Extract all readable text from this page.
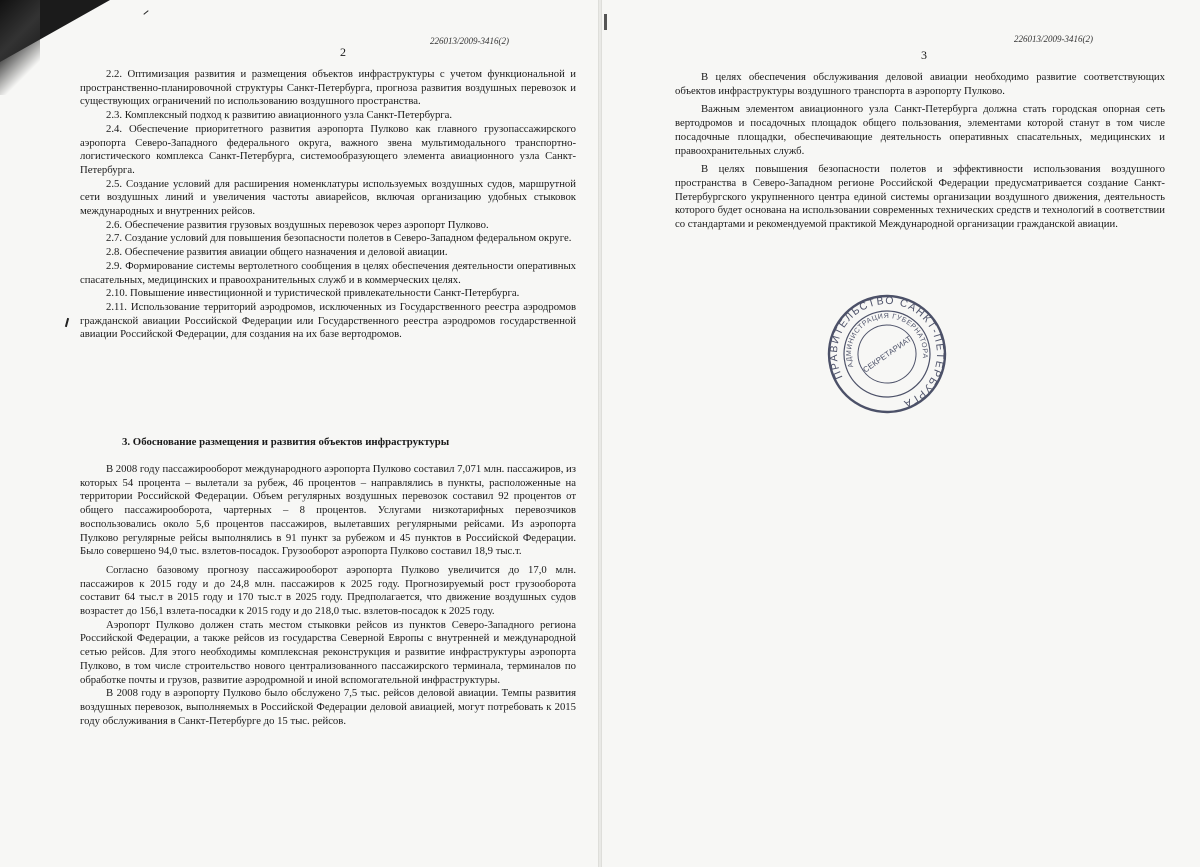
226013/2009-3416(2)
2

2.2. Оптимизация развития и размещения объектов инфраструктуры с учетом функциональной и пространственно-планировочной структуры Санкт-Петербурга, прогноза развития воздушных перевозок и существующих ограничений по использованию воздушного пространства.

2.3. Комплексный подход к развитию авиационного узла Санкт-Петербурга.

2.4. Обеспечение приоритетного развития аэропорта Пулково как главного грузопассажирского аэропорта Северо-Западного федерального округа, важного звена мультимодального транспортно-логистического комплекса Санкт-Петербурга, системообразующего элемента авиационного узла Санкт-Петербурга.

2.5. Создание условий для расширения номенклатуры используемых воздушных судов, маршрутной сети воздушных линий и увеличения частоты авиарейсов, включая организацию удобных стыковок международных и внутренних рейсов.

2.6. Обеспечение развития грузовых воздушных перевозок через аэропорт Пулково.

2.7. Создание условий для повышения безопасности полетов в Северо-Западном федеральном округе.

2.8. Обеспечение развития авиации общего назначения и деловой авиации.

2.9. Формирование системы вертолетного сообщения в целях обеспечения деятельности оперативных спасательных, медицинских и правоохранительных служб и в коммерческих целях.

2.10. Повышение инвестиционной и туристической привлекательности Санкт-Петербурга.

2.11. Использование территорий аэродромов, исключенных из Государственного реестра аэродромов гражданской авиации Российской Федерации или Государственного реестра аэродромов государственной авиации Российской Федерации, для создания на их базе вертодромов.

3. Обоснование размещения и развития объектов инфраструктуры

В 2008 году пассажирооборот международного аэропорта Пулково составил 7,071 млн. пассажиров, из которых 54 процента – вылетали за рубеж, 46 процентов – направлялись в пункты, расположенные на территории Российской Федерации. Объем регулярных воздушных перевозок составил 92 процентов от общего пассажирооборота, чартерных – 8 процентов. Услугами низкотарифных перевозчиков воспользовались около 5,6 процентов пассажиров, вылетавших регулярными рейсами. Из аэропорта Пулково регулярные рейсы выполнялись в 91 пункт за рубежом и 45 пунктов в Российской Федерации. Было совершено 94,0 тыс. взлетов-посадок. Грузооборот аэропорта Пулково составил 18,9 тыс.т.

Согласно базовому прогнозу пассажирооборот аэропорта Пулково увеличится до 17,0 млн. пассажиров к 2015 году и до 24,8 млн. пассажиров к 2025 году. Прогнозируемый рост грузооборота составит 64 тыс.т в 2015 году и 170 тыс.т в 2025 году. Предполагается, что движение воздушных судов возрастет до 156,1 взлета-посадки к 2015 году и до 218,0 тыс. взлетов-посадок к 2025 году.

Аэропорт Пулково должен стать местом стыковки рейсов из пунктов Северо-Западного региона Российской Федерации, а также рейсов из государства Северной Европы с внутренней и международной сетью рейсов. Для этого необходимы комплексная реконструкция и развитие инфраструктуры аэропорта Пулково, в том числе строительство нового централизованного пассажирского терминала, терминалов по обработке почты и грузов, развитие аэродромной и иной вспомогательной инфраструктуры.

В 2008 году в аэропорту Пулково было обслужено 7,5 тыс. рейсов деловой авиации. Темпы развития воздушных перевозок, выполняемых в Российской Федерации деловой авиацией, могут потребовать к 2015 году обслуживания в Санкт-Петербурге до 15 тыс. рейсов.

226013/2009-3416(2)
3

В целях обеспечения обслуживания деловой авиации необходимо развитие соответствующих объектов инфраструктуры воздушного транспорта в аэропорту Пулково.

Важным элементом авиационного узла Санкт-Петербурга должна стать городская опорная сеть вертодромов и посадочных площадок общего пользования, элементами которой станут в том числе посадочные площадки, обеспечивающие деятельность оперативных спасательных, медицинских и правоохранительных служб.

В целях повышения безопасности полетов и эффективности использования воздушного пространства в Северо-Западном регионе Российской Федерации предусматривается создание Санкт-Петербургского укрупненного центра единой системы организации воздушного движения, деятельность которого будет основана на использовании современных технических средств и технологий в соответствии со стандартами и рекомендуемой практикой Международной организации гражданской авиации.

ПРАВИТЕЛЬСТВО САНКТ-ПЕТЕРБУРГА
АДМИНИСТРАЦИЯ ГУБЕРНАТОРА
СЕКРЕТАРИАТ
